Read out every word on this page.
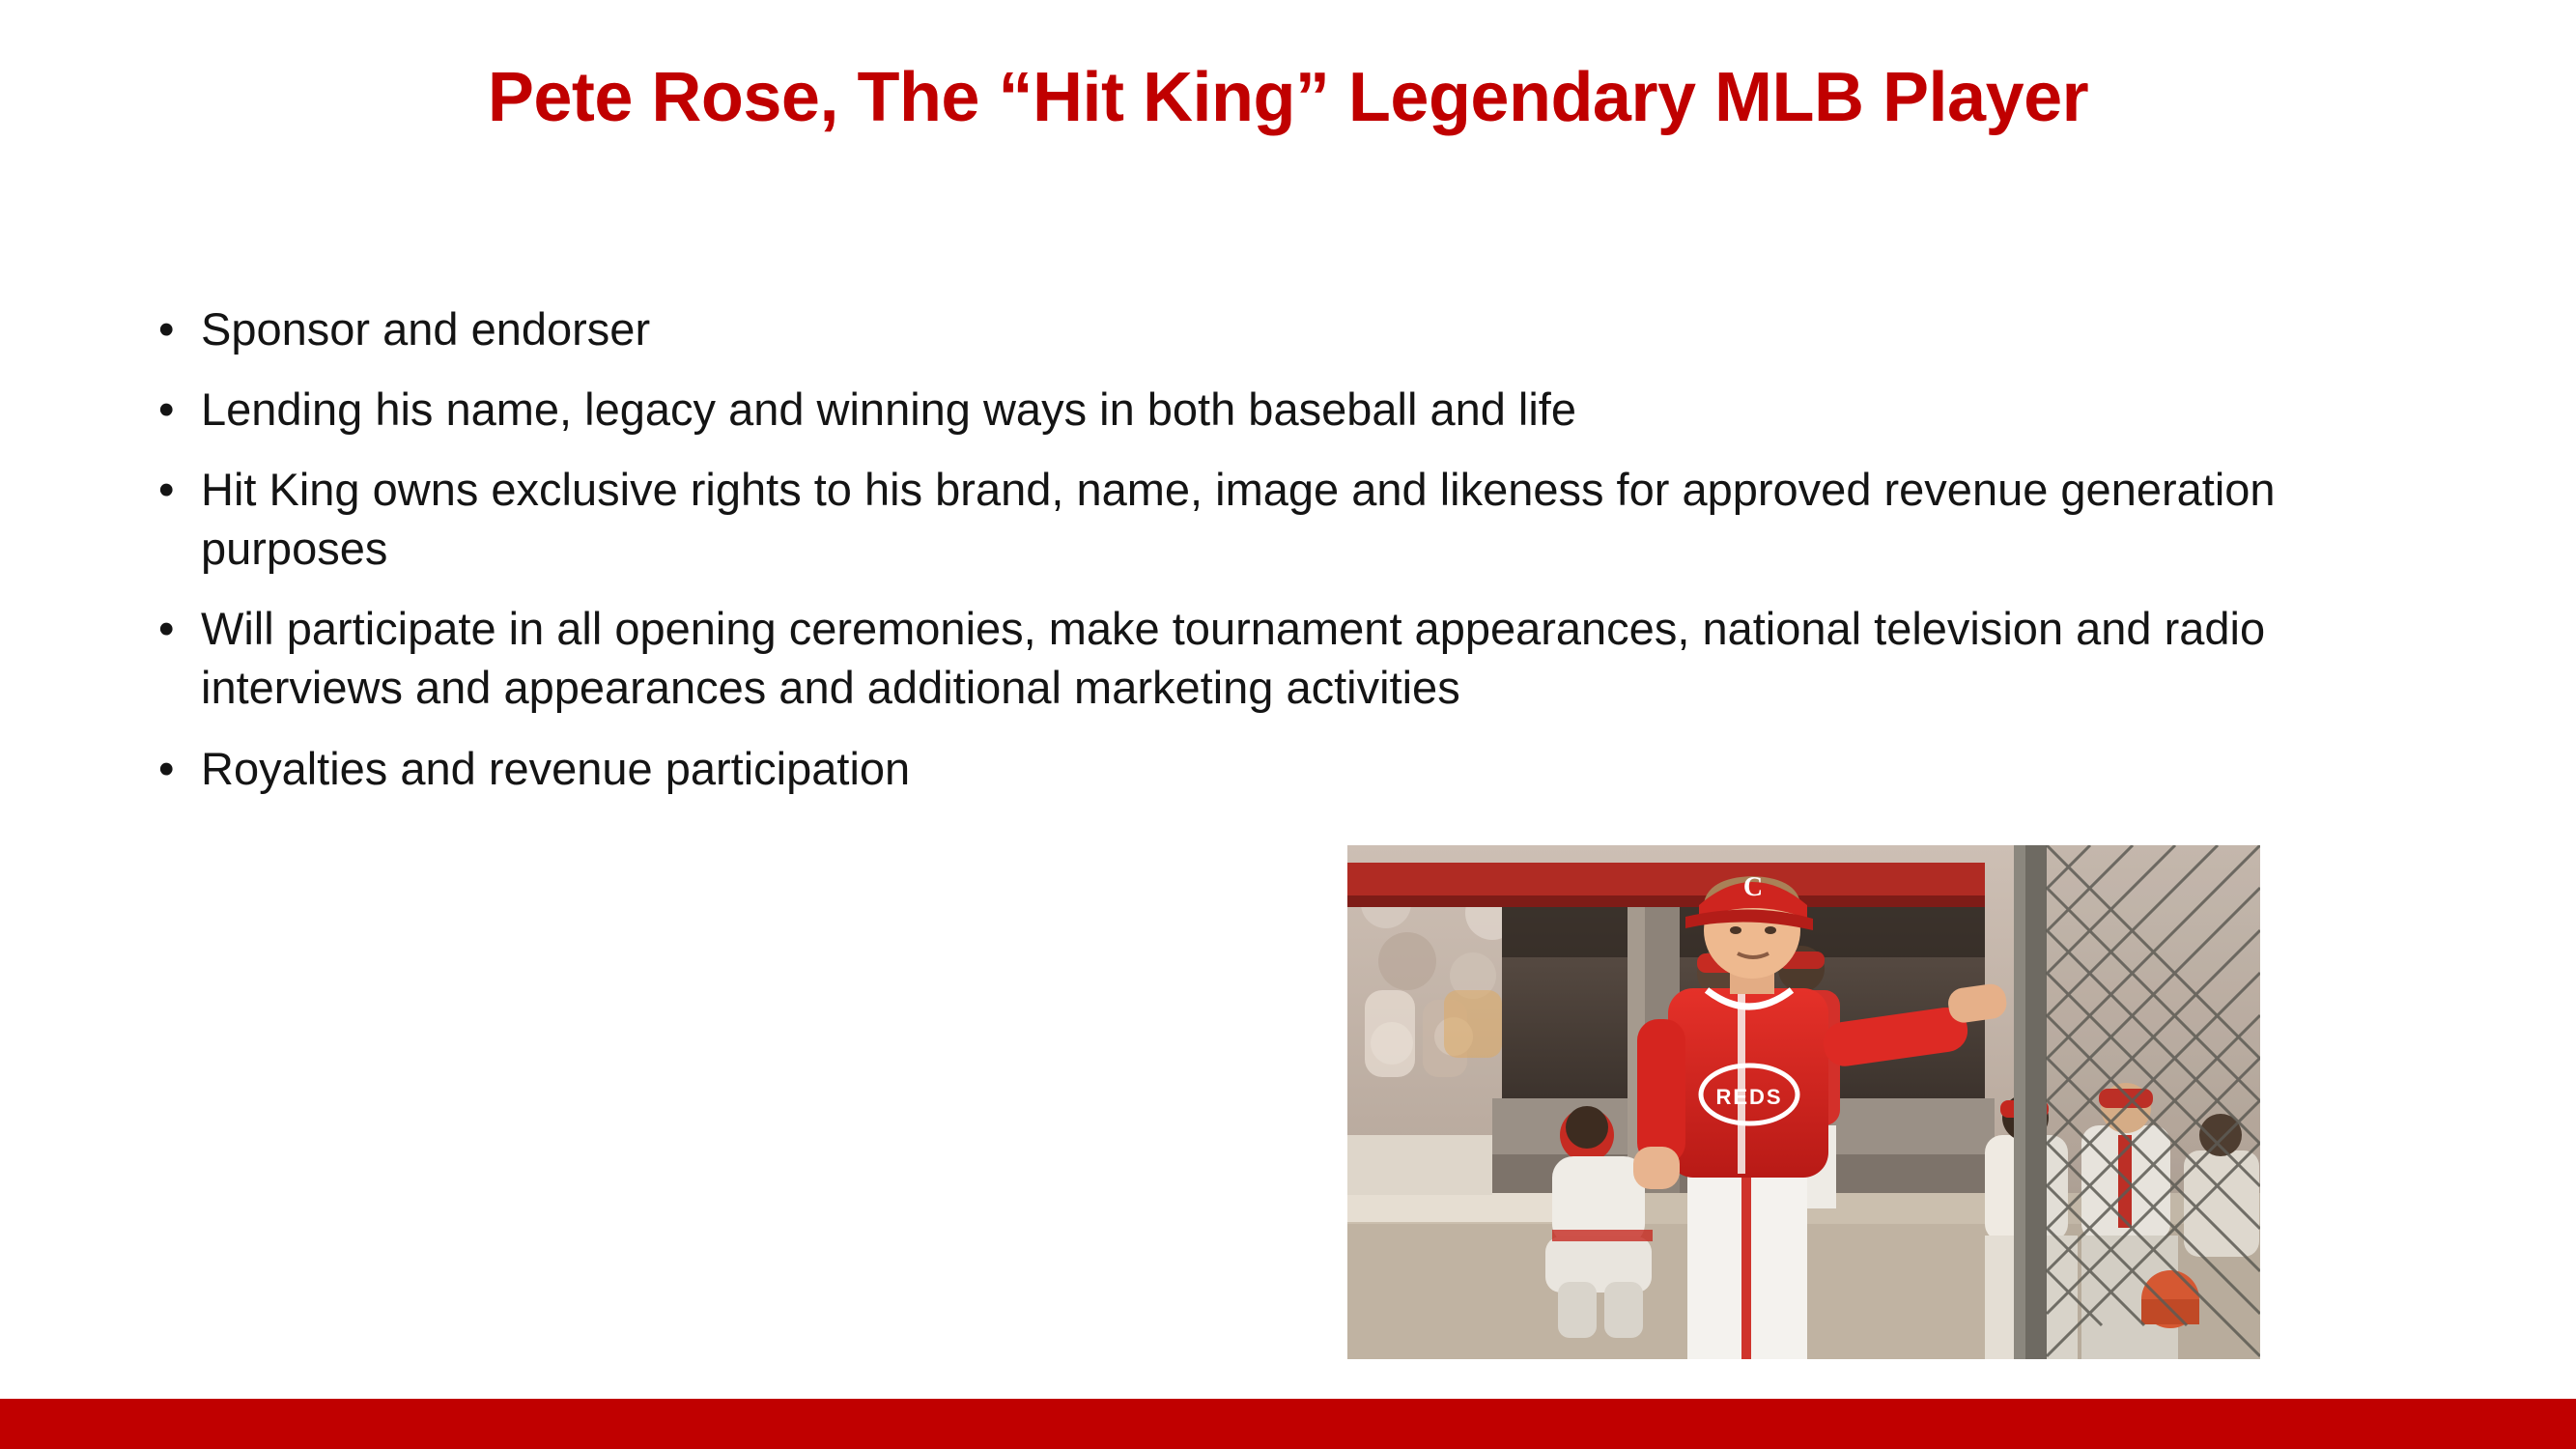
Pete Rose, The “Hit King” Legendary MLB Player
• Sponsor and endorser
• Lending his name, legacy and winning ways in both baseball and life
• Hit King owns exclusive rights to his brand, name, image and likeness for approved revenue generation purposes
• Will participate in all opening ceremonies, make tournament appearances, national television and radio interviews and appearances and additional marketing activities
• Royalties and revenue participation
REDS
C
